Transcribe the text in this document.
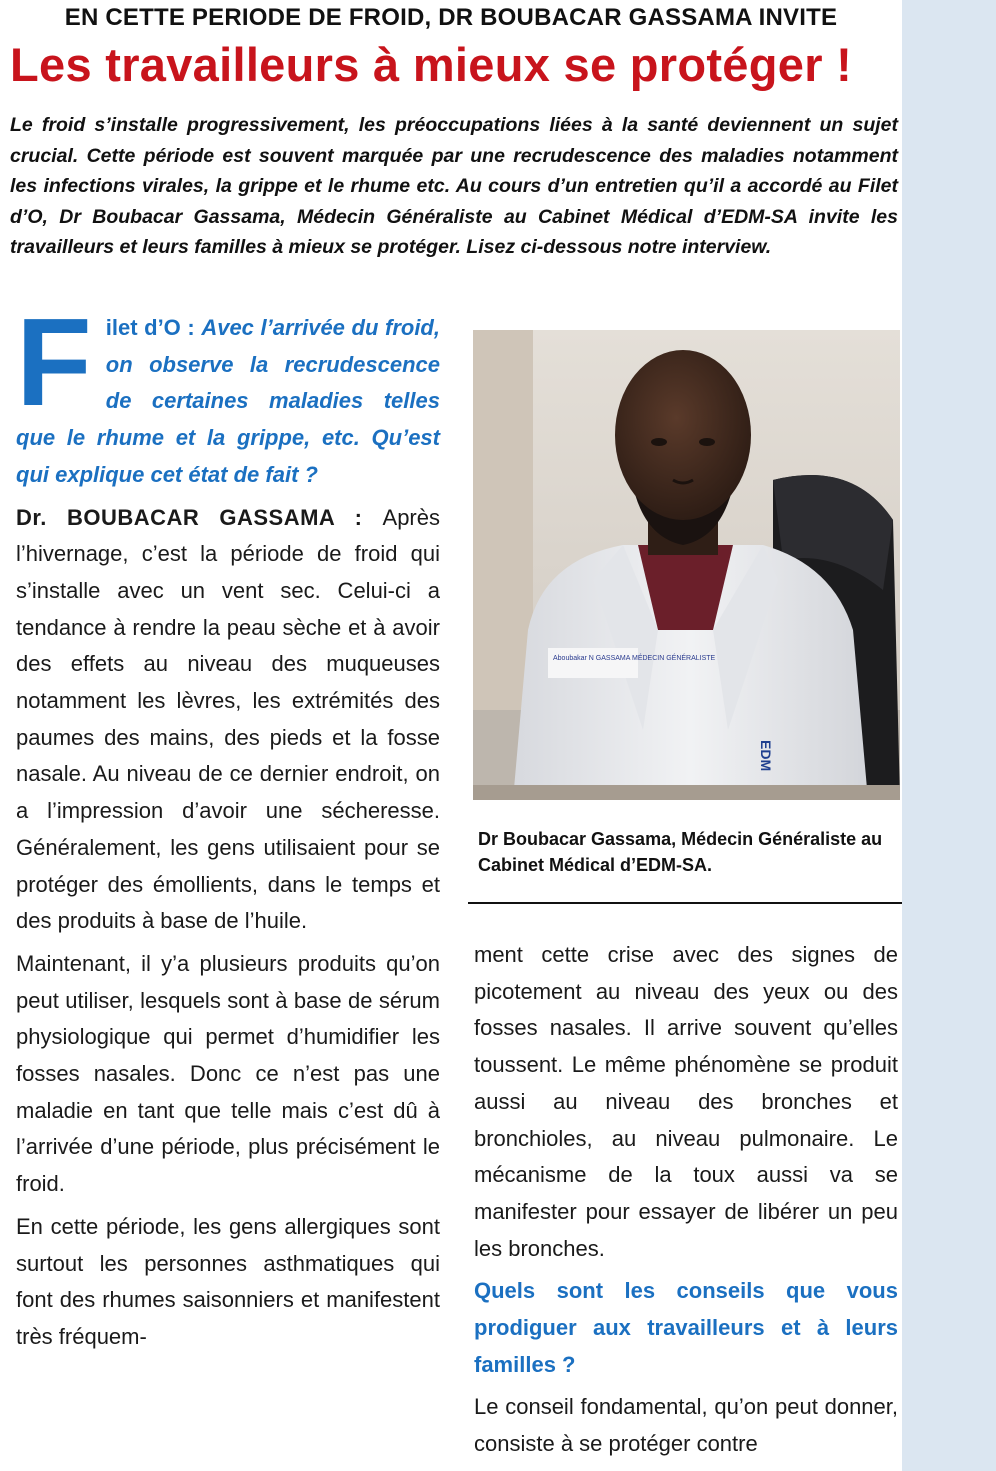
EN CETTE PERIODE DE FROID, DR BOUBACAR GASSAMA INVITE
Les travailleurs à mieux se protéger !
Le froid s’installe progressivement, les préoccupations liées à la santé deviennent un sujet crucial. Cette période est souvent marquée par une recrudescence des maladies notamment les infections virales, la grippe et le rhume etc. Au cours d’un entretien qu’il a accordé au Filet d’O, Dr Boubacar Gassama, Médecin Généraliste au Cabinet Médical d’EDM-SA invite les travailleurs et leurs familles à mieux se protéger. Lisez ci-dessous notre interview.

Filet d’O : Avec l’arrivée du froid, on observe la recrudescence de certaines maladies telles que le rhume et la grippe, etc. Qu’est qui explique cet état de fait ?

Dr. BOUBACAR GASSAMA : Après l’hivernage, c’est la période de froid qui s’installe avec un vent sec. Celui-ci a tendance à rendre la peau sèche et à avoir des effets au niveau des muqueuses notamment les lèvres, les extrémités des paumes des mains, des pieds et la fosse nasale. Au niveau de ce dernier endroit, on a l’impression d’avoir une sécheresse. Généralement, les gens utilisaient pour se protéger des émollients, dans le temps et des produits à base de l’huile.

Maintenant, il y’a plusieurs produits qu’on peut utiliser, lesquels sont à base de sérum physiologique qui permet d’humidifier les fosses nasales. Donc ce n’est pas une maladie en tant que telle mais c’est dû à l’arrivée d’une période, plus précisément le froid.

En cette période, les gens allergiques sont surtout les personnes asthmatiques qui font des rhumes saisonniers et manifestent très fréquem-

Aboubakar N GASSAMA MÉDECIN GÉNÉRALISTE
EDM
Dr Boubacar Gassama, Médecin Généraliste au Cabinet Médical d’EDM-SA.

ment cette crise avec des signes de picotement au niveau des yeux ou des fosses nasales. Il arrive souvent qu’elles toussent. Le même phénomène se produit aussi au niveau des bronches et bronchioles, au niveau pulmonaire. Le mécanisme de la toux aussi va se manifester pour essayer de libérer un peu les bronches.

Quels sont les conseils que vous prodiguer aux travailleurs et à leurs familles ?

Le conseil fondamental, qu’on peut donner, consiste à se protéger contre
